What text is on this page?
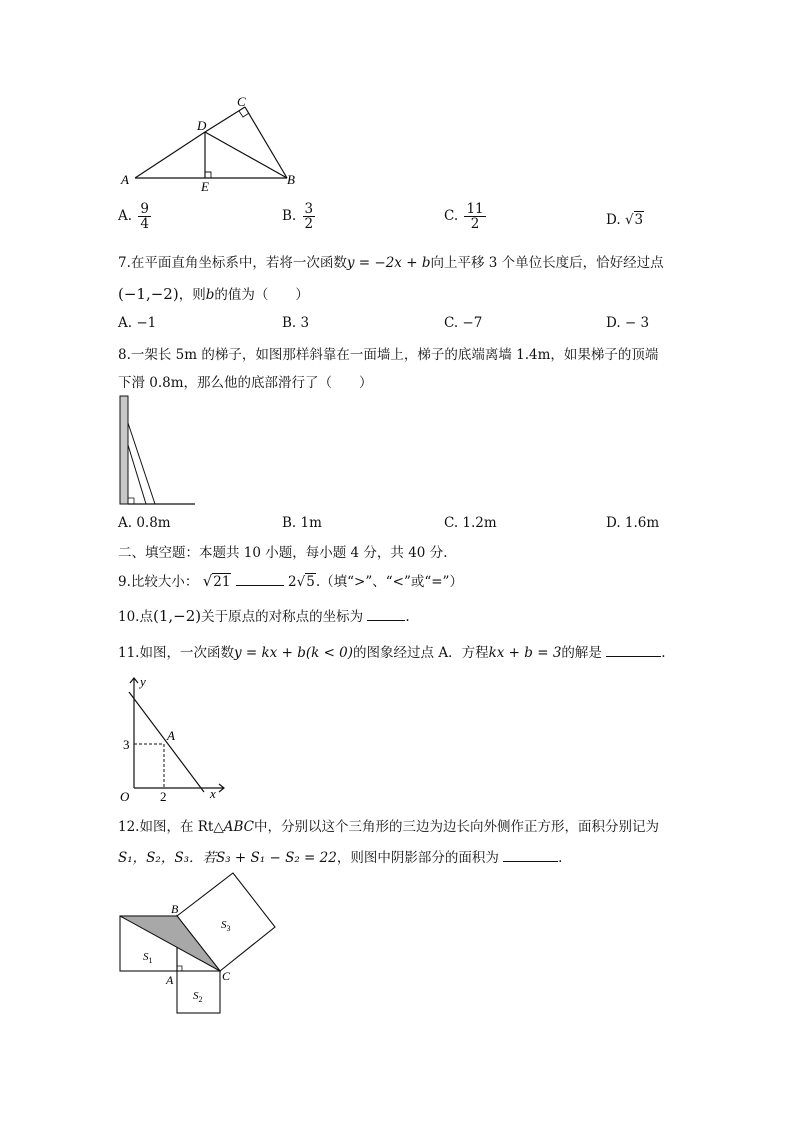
A	B
C
D
E
A. $\frac{9}{4}$	B. $\frac{3}{2}$	C. $\frac{11}{2}$	D. √3
7.在平面直角坐标系中，若将一次函数y = −2x + b向上平移 3 个单位长度后，恰好经过点
(−1,−2)，则b的值为（　　）
A. −1	B. 3	C. −7	D. − 3
8.一架长 5m 的梯子，如图那样斜靠在一面墙上，梯子的底端离墙 1.4m，如果梯子的顶端
下滑 0.8m，那么他的底部滑行了（　　）
A. 0.8m	B. 1m	C. 1.2m	D. 1.6m
二、填空题：本题共 10 小题，每小题 4 分，共 40 分.
9.比较大小： √21	2√5.（填“>”、“<”或“=”）
10.点(1,−2)关于原点的对称点的坐标为	.
11.如图，一次函数y = kx + b(k < 0)的图象经过点 A．方程kx + b = 3的解是	.
y
x
O
A
3
2
12.如图，在 Rt△ABC中，分别以这个三角形的三边为边长向外侧作正方形，面积分别记为
S₁，S₂，S₃．若S₃ + S₁ − S₂ = 22，则图中阴影部分的面积为	.
A
B
C
$S_1$
$S_2$
$S_3$
